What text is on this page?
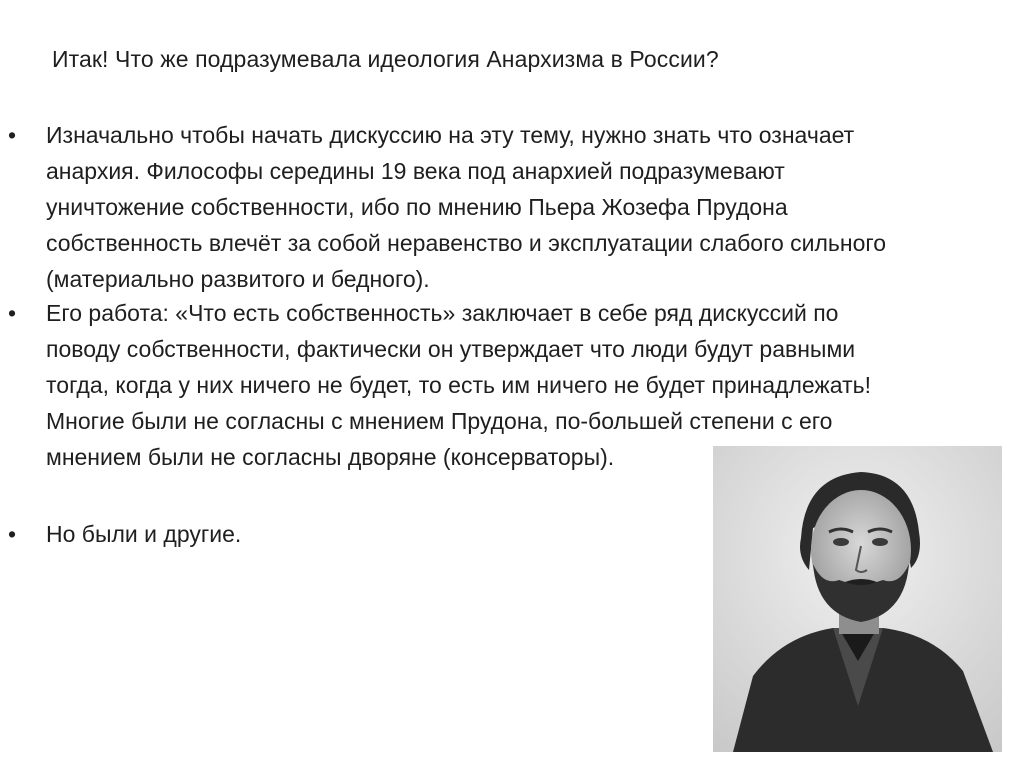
Итак! Что же подразумевала идеология Анархизма в России?
• Изначально чтобы начать дискуссию на эту тему, нужно знать что означает
анархия. Философы середины 19 века под анархией подразумевают
уничтожение собственности, ибо по мнению Пьера Жозефа Прудона
собственность влечёт за собой неравенство и эксплуатации слабого сильного
(материально развитого и бедного).
• Его работа: «Что есть собственность» заключает в себе ряд дискуссий по
поводу собственности, фактически он утверждает что люди будут равными
тогда, когда у них ничего не будет, то есть им ничего не будет принадлежать!
Многие были не согласны с мнением Прудона, по-большей степени с его
мнением были не согласны дворяне (консерваторы).
• Но были и другие.
